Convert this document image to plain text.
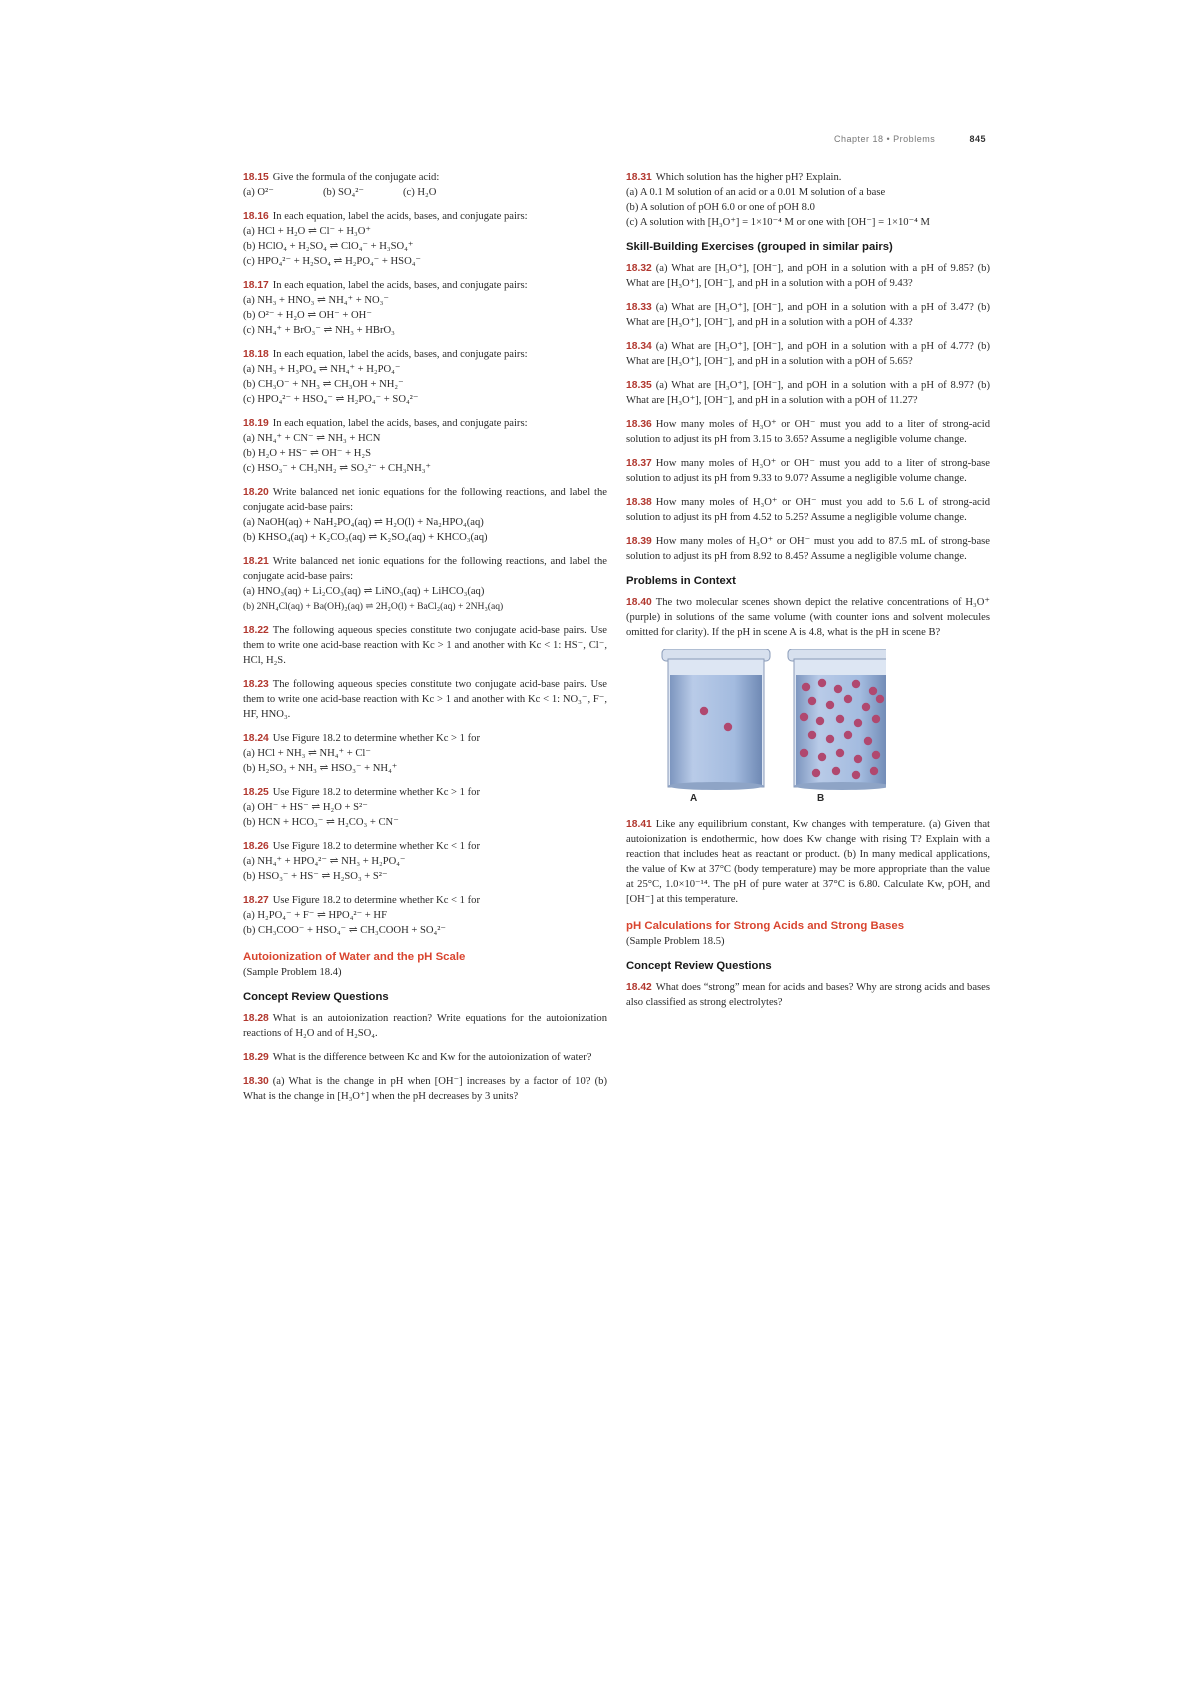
Chapter 18 • Problems	845

18.15 Give the formula of the conjugate acid:

(a) O²⁻	(b) SO₄²⁻	(c) H₂O

18.16 In each equation, label the acids, bases, and conjugate pairs:

(a) HCl + H₂O ⇌ Cl⁻ + H₃O⁺

(b) HClO₄ + H₂SO₄ ⇌ ClO₄⁻ + H₃SO₄⁺

(c) HPO₄²⁻ + H₂SO₄ ⇌ H₂PO₄⁻ + HSO₄⁻

18.17 In each equation, label the acids, bases, and conjugate pairs:

(a) NH₃ + HNO₃ ⇌ NH₄⁺ + NO₃⁻

(b) O²⁻ + H₂O ⇌ OH⁻ + OH⁻

(c) NH₄⁺ + BrO₃⁻ ⇌ NH₃ + HBrO₃

18.18 In each equation, label the acids, bases, and conjugate pairs:

(a) NH₃ + H₃PO₄ ⇌ NH₄⁺ + H₂PO₄⁻

(b) CH₃O⁻ + NH₃ ⇌ CH₃OH + NH₂⁻

(c) HPO₄²⁻ + HSO₄⁻ ⇌ H₂PO₄⁻ + SO₄²⁻

18.19 In each equation, label the acids, bases, and conjugate pairs:

(a) NH₄⁺ + CN⁻ ⇌ NH₃ + HCN

(b) H₂O + HS⁻ ⇌ OH⁻ + H₂S

(c) HSO₃⁻ + CH₃NH₂ ⇌ SO₃²⁻ + CH₃NH₃⁺

18.20 Write balanced net ionic equations for the following reactions, and label the conjugate acid-base pairs:

(a) NaOH(aq) + NaH₂PO₄(aq) ⇌ H₂O(l) + Na₂HPO₄(aq)

(b) KHSO₄(aq) + K₂CO₃(aq) ⇌ K₂SO₄(aq) + KHCO₃(aq)

18.21 Write balanced net ionic equations for the following reactions, and label the conjugate acid-base pairs:

(a) HNO₃(aq) + Li₂CO₃(aq) ⇌ LiNO₃(aq) + LiHCO₃(aq)

(b) 2NH₄Cl(aq) + Ba(OH)₂(aq) ⇌ 2H₂O(l) + BaCl₂(aq) + 2NH₃(aq)

18.22 The following aqueous species constitute two conjugate acid-base pairs. Use them to write one acid-base reaction with Kc > 1 and another with Kc < 1: HS⁻, Cl⁻, HCl, H₂S.

18.23 The following aqueous species constitute two conjugate acid-base pairs. Use them to write one acid-base reaction with Kc > 1 and another with Kc < 1: NO₃⁻, F⁻, HF, HNO₃.

18.24 Use Figure 18.2 to determine whether Kc > 1 for

(a) HCl + NH₃ ⇌ NH₄⁺ + Cl⁻

(b) H₂SO₃ + NH₃ ⇌ HSO₃⁻ + NH₄⁺

18.25 Use Figure 18.2 to determine whether Kc > 1 for

(a) OH⁻ + HS⁻ ⇌ H₂O + S²⁻

(b) HCN + HCO₃⁻ ⇌ H₂CO₃ + CN⁻

18.26 Use Figure 18.2 to determine whether Kc < 1 for

(a) NH₄⁺ + HPO₄²⁻ ⇌ NH₃ + H₂PO₄⁻

(b) HSO₃⁻ + HS⁻ ⇌ H₂SO₃ + S²⁻

18.27 Use Figure 18.2 to determine whether Kc < 1 for

(a) H₂PO₄⁻ + F⁻ ⇌ HPO₄²⁻ + HF

(b) CH₃COO⁻ + HSO₄⁻ ⇌ CH₃COOH + SO₄²⁻

Autoionization of Water and the pH Scale

(Sample Problem 18.4)

Concept Review Questions

18.28 What is an autoionization reaction? Write equations for the autoionization reactions of H₂O and of H₂SO₄.

18.29 What is the difference between Kc and Kw for the autoionization of water?

18.30 (a) What is the change in pH when [OH⁻] increases by a factor of 10? (b) What is the change in [H₃O⁺] when the pH decreases by 3 units?

18.31 Which solution has the higher pH? Explain.

(a) A 0.1 M solution of an acid or a 0.01 M solution of a base

(b) A solution of pOH 6.0 or one of pOH 8.0

(c) A solution with [H₃O⁺] = 1×10⁻⁴ M or one with [OH⁻] = 1×10⁻⁴ M

Skill-Building Exercises (grouped in similar pairs)

18.32 (a) What are [H₃O⁺], [OH⁻], and pOH in a solution with a pH of 9.85? (b) What are [H₃O⁺], [OH⁻], and pH in a solution with a pOH of 9.43?

18.33 (a) What are [H₃O⁺], [OH⁻], and pOH in a solution with a pH of 3.47? (b) What are [H₃O⁺], [OH⁻], and pH in a solution with a pOH of 4.33?

18.34 (a) What are [H₃O⁺], [OH⁻], and pOH in a solution with a pH of 4.77? (b) What are [H₃O⁺], [OH⁻], and pH in a solution with a pOH of 5.65?

18.35 (a) What are [H₃O⁺], [OH⁻], and pOH in a solution with a pH of 8.97? (b) What are [H₃O⁺], [OH⁻], and pH in a solution with a pOH of 11.27?

18.36 How many moles of H₃O⁺ or OH⁻ must you add to a liter of strong-acid solution to adjust its pH from 3.15 to 3.65? Assume a negligible volume change.

18.37 How many moles of H₃O⁺ or OH⁻ must you add to a liter of strong-base solution to adjust its pH from 9.33 to 9.07? Assume a negligible volume change.

18.38 How many moles of H₃O⁺ or OH⁻ must you add to 5.6 L of strong-acid solution to adjust its pH from 4.52 to 5.25? Assume a negligible volume change.

18.39 How many moles of H₃O⁺ or OH⁻ must you add to 87.5 mL of strong-base solution to adjust its pH from 8.92 to 8.45? Assume a negligible volume change.

Problems in Context

18.40 The two molecular scenes shown depict the relative concentrations of H₃O⁺ (purple) in solutions of the same volume (with counter ions and solvent molecules omitted for clarity). If the pH in scene A is 4.8, what is the pH in scene B?

A	B

18.41 Like any equilibrium constant, Kw changes with temperature. (a) Given that autoionization is endothermic, how does Kw change with rising T? Explain with a reaction that includes heat as reactant or product. (b) In many medical applications, the value of Kw at 37°C (body temperature) may be more appropriate than the value at 25°C, 1.0×10⁻¹⁴. The pH of pure water at 37°C is 6.80. Calculate Kw, pOH, and [OH⁻] at this temperature.

pH Calculations for Strong Acids and Strong Bases

(Sample Problem 18.5)

Concept Review Questions

18.42 What does “strong” mean for acids and bases? Why are strong acids and bases also classified as strong electrolytes?
